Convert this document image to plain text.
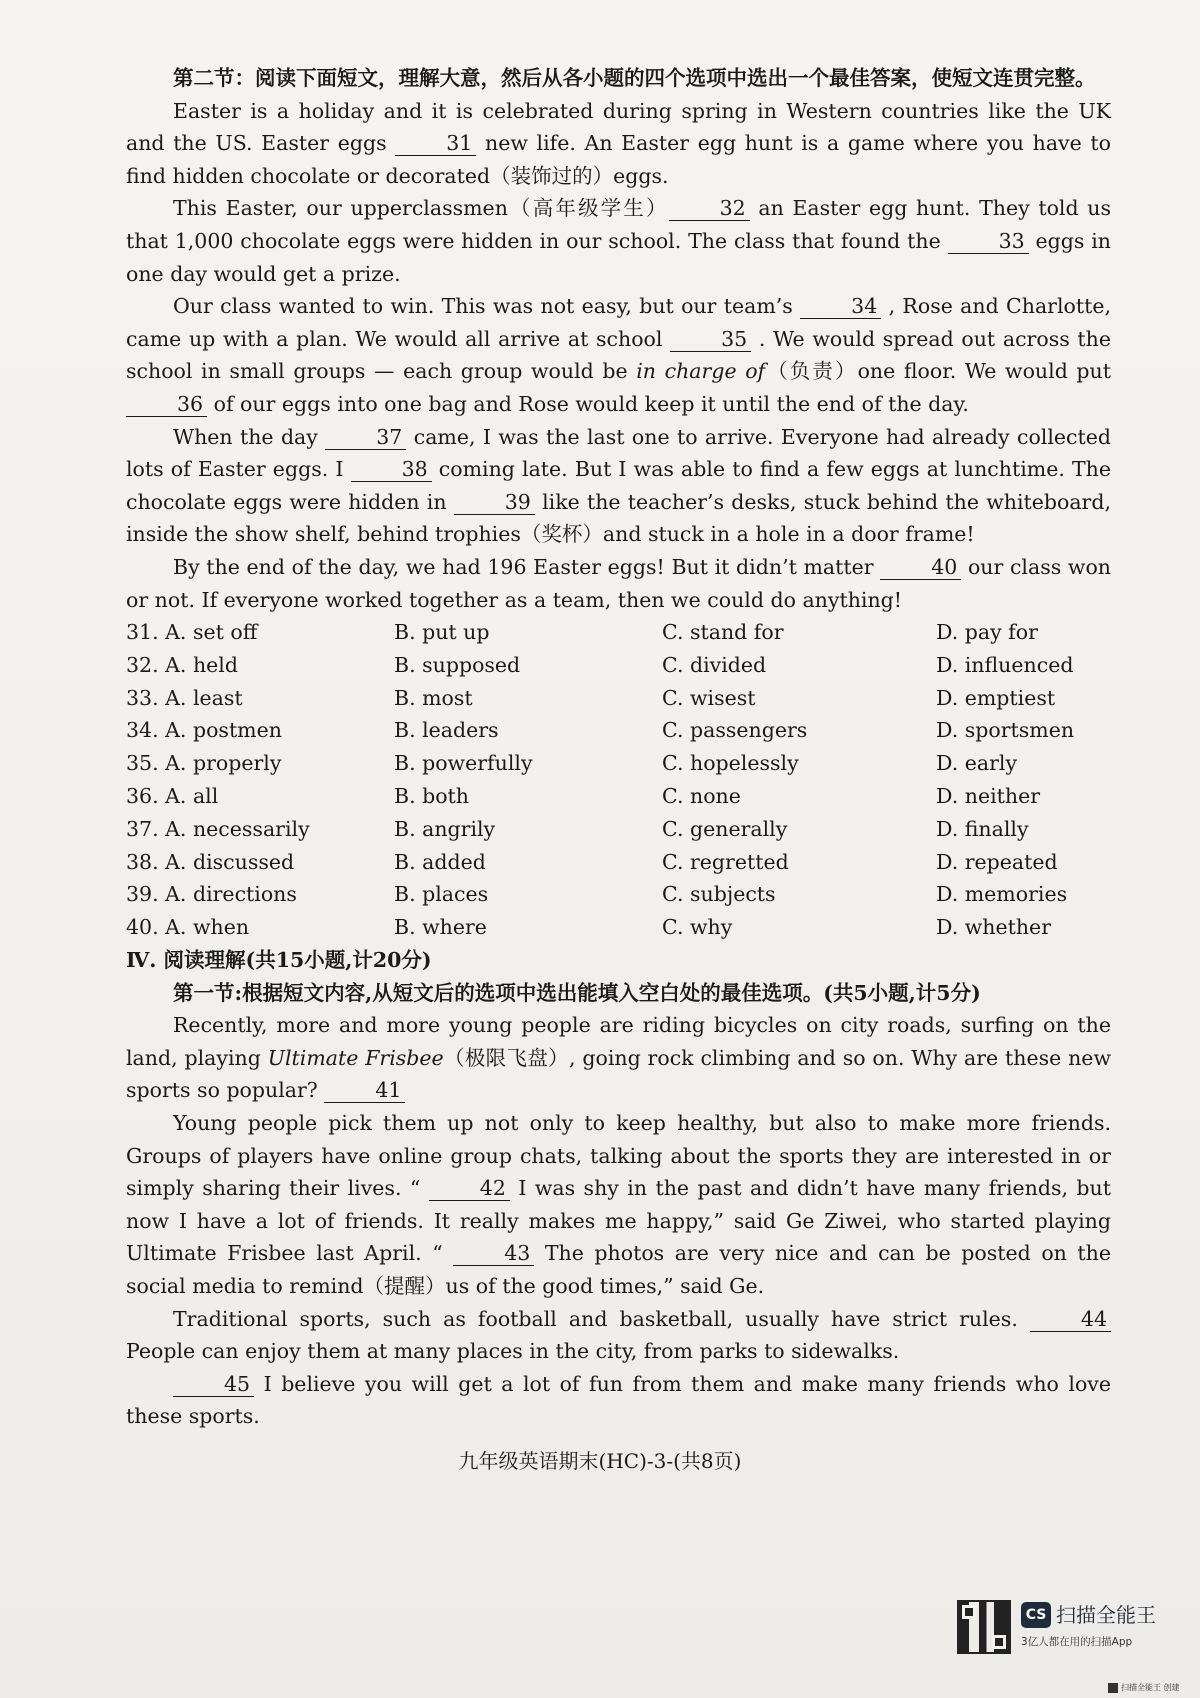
第二节：阅读下面短文，理解大意，然后从各小题的四个选项中选出一个最佳答案，使短文连贯完整。

Easter is a holiday and it is celebrated during spring in Western countries like the UK and the US. Easter eggs 31 new life. An Easter egg hunt is a game where you have to find hidden chocolate or decorated（装饰过的）eggs.

This Easter, our upperclassmen（高年级学生） 32 an Easter egg hunt. They told us that 1,000 chocolate eggs were hidden in our school. The class that found the 33 eggs in one day would get a prize.

Our class wanted to win. This was not easy, but our team’s 34 , Rose and Charlotte, came up with a plan. We would all arrive at school 35 . We would spread out across the school in small groups — each group would be in charge of（负责）one floor. We would put 36 of our eggs into one bag and Rose would keep it until the end of the day.

When the day 37 came, I was the last one to arrive. Everyone had already collected lots of Easter eggs. I 38 coming late. But I was able to find a few eggs at lunchtime. The chocolate eggs were hidden in 39 like the teacher’s desks, stuck behind the whiteboard, inside the show shelf, behind trophies（奖杯）and stuck in a hole in a door frame!

By the end of the day, we had 196 Easter eggs! But it didn’t matter 40 our class won or not. If everyone worked together as a team, then we could do anything!

31. A. set off	B. put up	C. stand for	D. pay for
32. A. held	B. supposed	C. divided	D. influenced
33. A. least	B. most	C. wisest	D. emptiest
34. A. postmen	B. leaders	C. passengers	D. sportsmen
35. A. properly	B. powerfully	C. hopelessly	D. early
36. A. all	B. both	C. none	D. neither
37. A. necessarily	B. angrily	C. generally	D. finally
38. A. discussed	B. added	C. regretted	D. repeated
39. A. directions	B. places	C. subjects	D. memories
40. A. when	B. where	C. why	D. whether

Ⅳ. 阅读理解(共15小题,计20分)

第一节:根据短文内容,从短文后的选项中选出能填入空白处的最佳选项。(共5小题,计5分)

Recently, more and more young people are riding bicycles on city roads, surfing on the land, playing Ultimate Frisbee（极限飞盘）, going rock climbing and so on. Why are these new sports so popular? 41

Young people pick them up not only to keep healthy, but also to make more friends. Groups of players have online group chats, talking about the sports they are interested in or simply sharing their lives. “ 42 I was shy in the past and didn’t have many friends, but now I have a lot of friends. It really makes me happy,” said Ge Ziwei, who started playing Ultimate Frisbee last April. “ 43 The photos are very nice and can be posted on the social media to remind（提醒）us of the good times,” said Ge.

Traditional sports, such as football and basketball, usually have strict rules. 44 People can enjoy them at many places in the city, from parks to sidewalks.

45 I believe you will get a lot of fun from them and make many friends who love these sports.

九年级英语期末(HC)-3-(共8页)
CS 扫描全能王
3亿人都在用的扫描App
扫描全能王 创建
